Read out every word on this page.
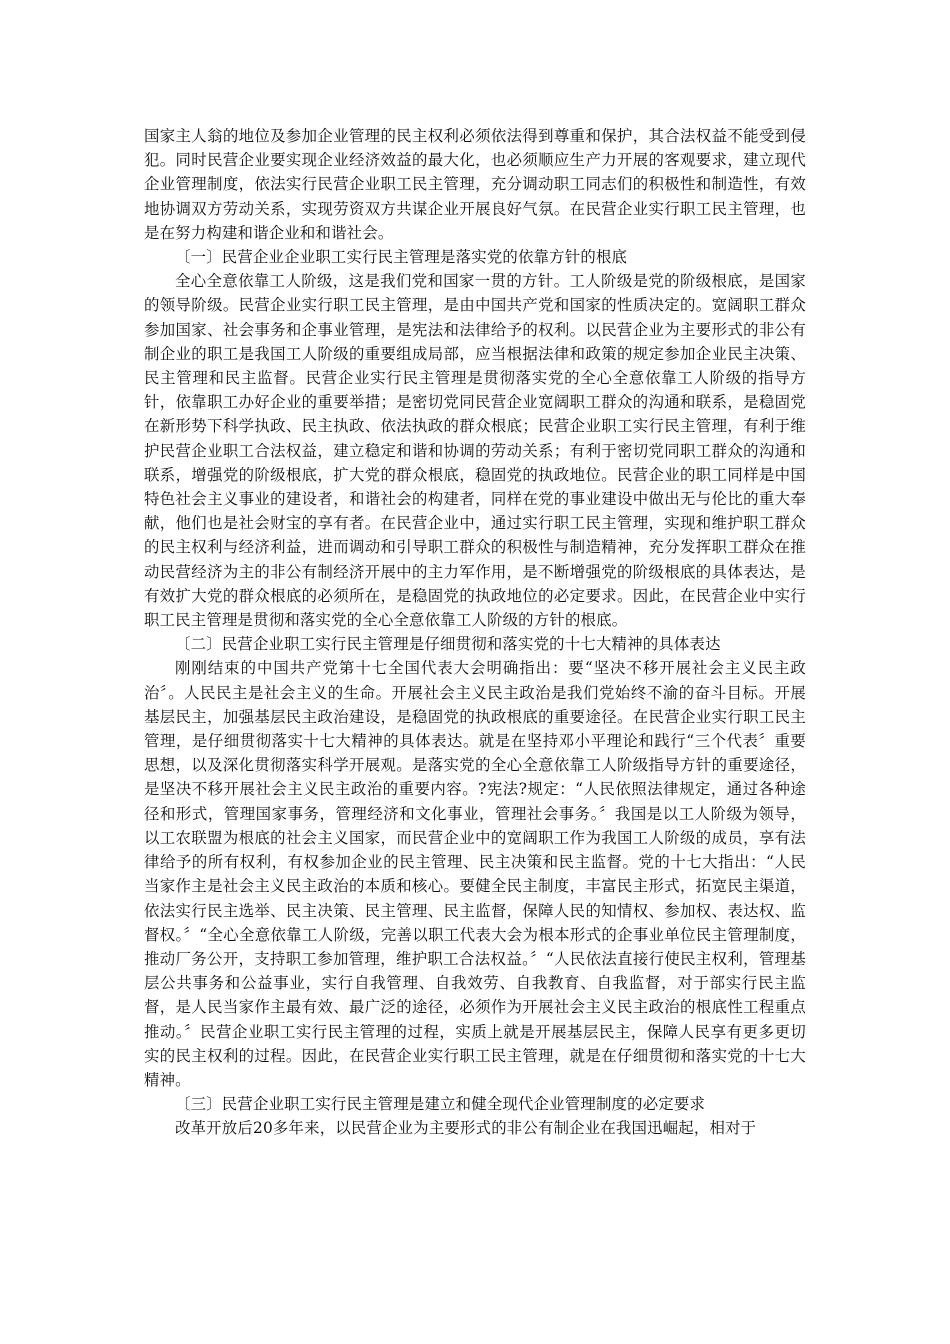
国家主人翁的地位及参加企业管理的民主权利必须依法得到尊重和保护，其合法权益不能受到侵犯。同时民营企业要实现企业经济效益的最大化，也必须顺应生产力开展的客观要求，建立现代企业管理制度，依法实行民营企业职工民主管理，充分调动职工同志们的积极性和制造性，有效地协调双方劳动关系，实现劳资双方共谋企业开展良好气氛。在民营企业实行职工民主管理，也是在努力构建和谐企业和和谐社会。

〔一〕民营企业企业职工实行民主管理是落实党的依靠方针的根底

全心全意依靠工人阶级，这是我们党和国家一贯的方针。工人阶级是党的阶级根底，是国家的领导阶级。民营企业实行职工民主管理，是由中国共产党和国家的性质决定的。宽阔职工群众参加国家、社会事务和企事业管理，是宪法和法律给予的权利。以民营企业为主要形式的非公有制企业的职工是我国工人阶级的重要组成局部，应当根据法律和政策的规定参加企业民主决策、民主管理和民主监督。民营企业实行民主管理是贯彻落实党的全心全意依靠工人阶级的指导方针，依靠职工办好企业的重要举措；是密切党同民营企业宽阔职工群众的沟通和联系，是稳固党在新形势下科学执政、民主执政、依法执政的群众根底；民营企业职工实行民主管理，有利于维护民营企业职工合法权益，建立稳定和谐和协调的劳动关系；有利于密切党同职工群众的沟通和联系，增强党的阶级根底，扩大党的群众根底，稳固党的执政地位。民营企业的职工同样是中国特色社会主义事业的建设者，和谐社会的构建者，同样在党的事业建设中做出无与伦比的重大奉献，他们也是社会财宝的享有者。在民营企业中，通过实行职工民主管理，实现和维护职工群众的民主权利与经济利益，进而调动和引导职工群众的积极性与制造精神，充分发挥职工群众在推动民营经济为主的非公有制经济开展中的主力军作用，是不断增强党的阶级根底的具体表达，是有效扩大党的群众根底的必须所在，是稳固党的执政地位的必定要求。因此，在民营企业中实行职工民主管理是贯彻和落实党的全心全意依靠工人阶级的方针的根底。

〔二〕民营企业职工实行民主管理是仔细贯彻和落实党的十七大精神的具体表达

刚刚结束的中国共产党第十七全国代表大会明确指出：要“坚决不移开展社会主义民主政治〞。人民民主是社会主义的生命。开展社会主义民主政治是我们党始终不渝的奋斗目标。开展基层民主，加强基层民主政治建设，是稳固党的执政根底的重要途径。在民营企业实行职工民主管理，是仔细贯彻落实十七大精神的具体表达。就是在坚持邓小平理论和践行“三个代表〞重要思想，以及深化贯彻落实科学开展观。是落实党的全心全意依靠工人阶级指导方针的重要途径，是坚决不移开展社会主义民主政治的重要内容。?宪法?规定：“人民依照法律规定，通过各种途径和形式，管理国家事务，管理经济和文化事业，管理社会事务。〞我国是以工人阶级为领导，以工农联盟为根底的社会主义国家，而民营企业中的宽阔职工作为我国工人阶级的成员，享有法律给予的所有权利，有权参加企业的民主管理、民主决策和民主监督。党的十七大指出：“人民当家作主是社会主义民主政治的本质和核心。要健全民主制度，丰富民主形式，拓宽民主渠道，依法实行民主选举、民主决策、民主管理、民主监督，保障人民的知情权、参加权、表达权、监督权。〞“全心全意依靠工人阶级，完善以职工代表大会为根本形式的企事业单位民主管理制度，推动厂务公开，支持职工参加管理，维护职工合法权益。〞“人民依法直接行使民主权利，管理基层公共事务和公益事业，实行自我管理、自我效劳、自我教育、自我监督，对于部实行民主监督，是人民当家作主最有效、最广泛的途径，必须作为开展社会主义民主政治的根底性工程重点推动。〞民营企业职工实行民主管理的过程，实质上就是开展基层民主，保障人民享有更多更切实的民主权利的过程。因此，在民营企业实行职工民主管理，就是在仔细贯彻和落实党的十七大精神。

〔三〕民营企业职工实行民主管理是建立和健全现代企业管理制度的必定要求

改革开放后20多年来，以民营企业为主要形式的非公有制企业在我国迅崛起，相对于
